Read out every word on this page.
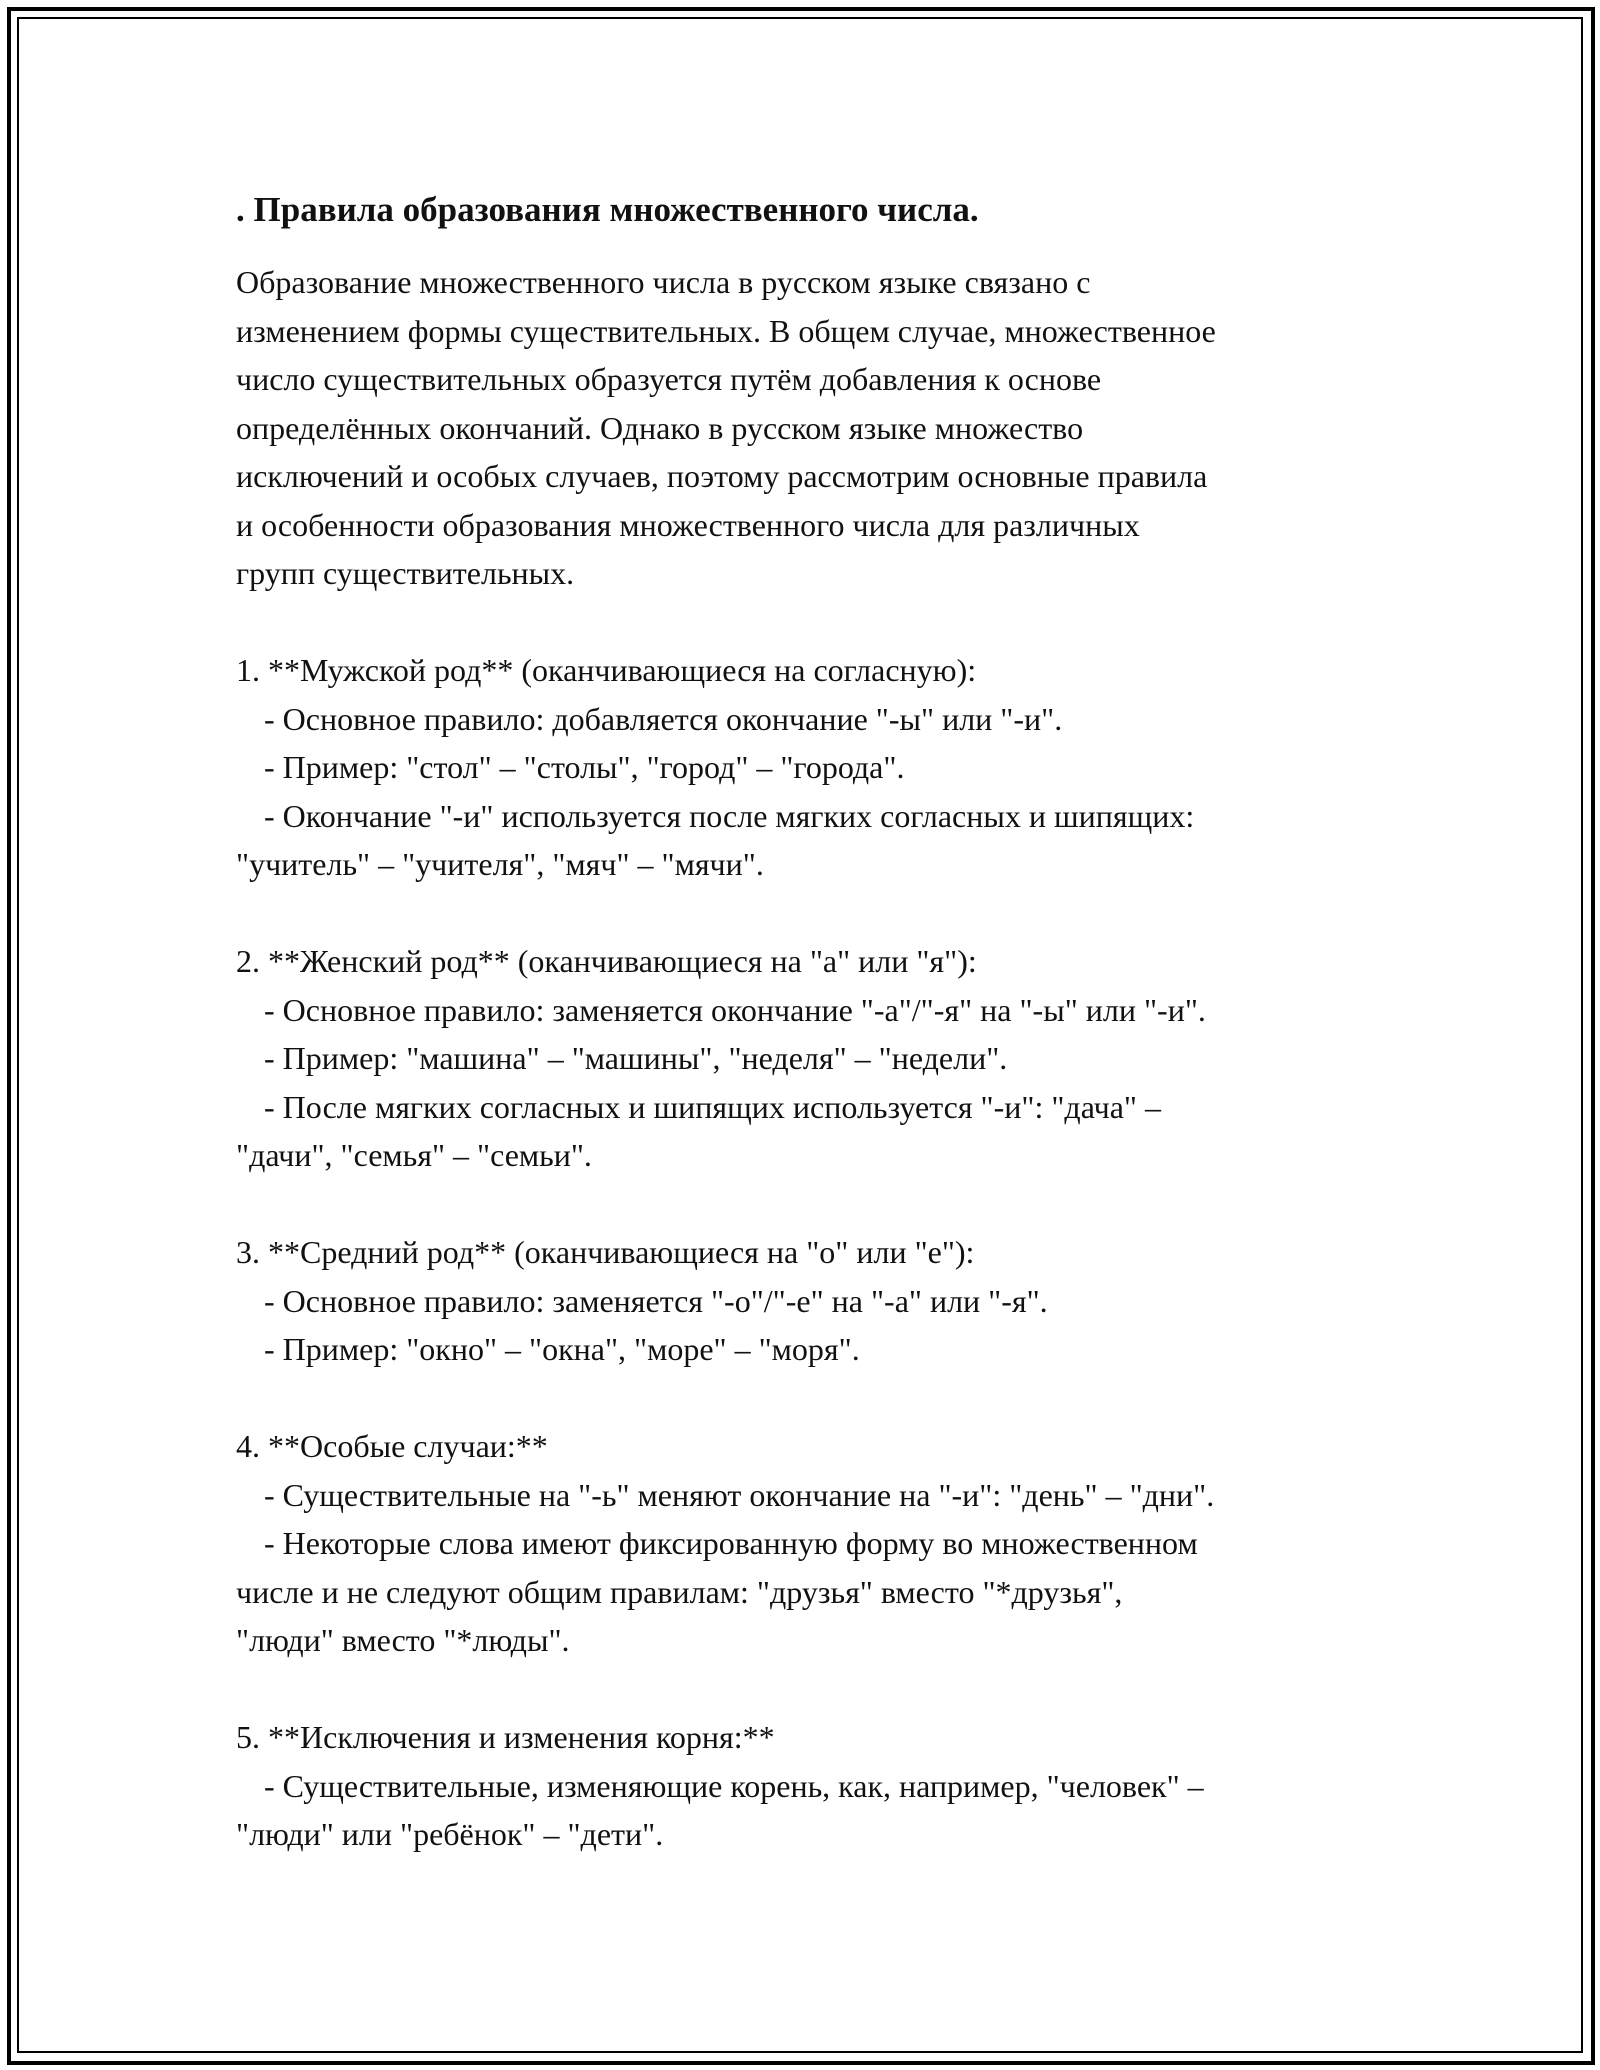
. Правила образования множественного числа.
Образование множественного числа в русском языке связано с
изменением формы существительных. В общем случае, множественное
число существительных образуется путём добавления к основе
определённых окончаний. Однако в русском языке множество
исключений и особых случаев, поэтому рассмотрим основные правила
и особенности образования множественного числа для различных
групп существительных.
1. **Мужской род** (оканчивающиеся на согласную):
- Основное правило: добавляется окончание "-ы" или "-и".
- Пример: "стол" – "столы", "город" – "города".
- Окончание "-и" используется после мягких согласных и шипящих:
"учитель" – "учителя", "мяч" – "мячи".
2. **Женский род** (оканчивающиеся на "а" или "я"):
- Основное правило: заменяется окончание "-а"/"-я" на "-ы" или "-и".
- Пример: "машина" – "машины", "неделя" – "недели".
- После мягких согласных и шипящих используется "-и": "дача" –
"дачи", "семья" – "семьи".
3. **Средний род** (оканчивающиеся на "о" или "е"):
- Основное правило: заменяется "-о"/"-е" на "-а" или "-я".
- Пример: "окно" – "окна", "море" – "моря".
4. **Особые случаи:**
- Существительные на "-ь" меняют окончание на "-и": "день" – "дни".
- Некоторые слова имеют фиксированную форму во множественном
числе и не следуют общим правилам: "друзья" вместо "*друзья",
"люди" вместо "*люды".
5. **Исключения и изменения корня:**
- Существительные, изменяющие корень, как, например, "человек" –
"люди" или "ребёнок" – "дети".
